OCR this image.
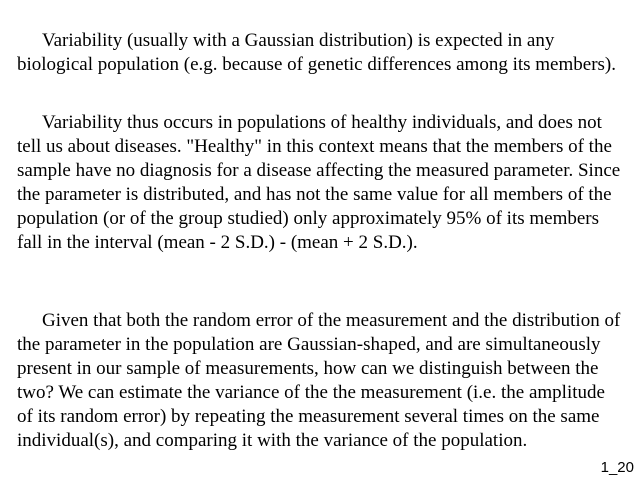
Variability (usually with a Gaussian distribution) is expected in any biological population (e.g. because of genetic differences among its members).

Variability thus occurs in populations of healthy individuals, and does not tell us about diseases. "Healthy" in this context means that the members of the sample have no diagnosis for a disease affecting the measured parameter. Since the parameter is distributed, and has not the same value for all members of the population (or of the group studied) only approximately 95% of its members fall in the interval (mean - 2 S.D.) - (mean + 2 S.D.).

Given that both the random error of the measurement and the distribution of the parameter in the population are Gaussian-shaped, and are simultaneously present in our sample of measurements, how can we distinguish between the two? We can estimate the variance of the the measurement (i.e. the amplitude of its random error) by repeating the measurement several times on the same individual(s), and comparing it with the variance of the population.

1_20
